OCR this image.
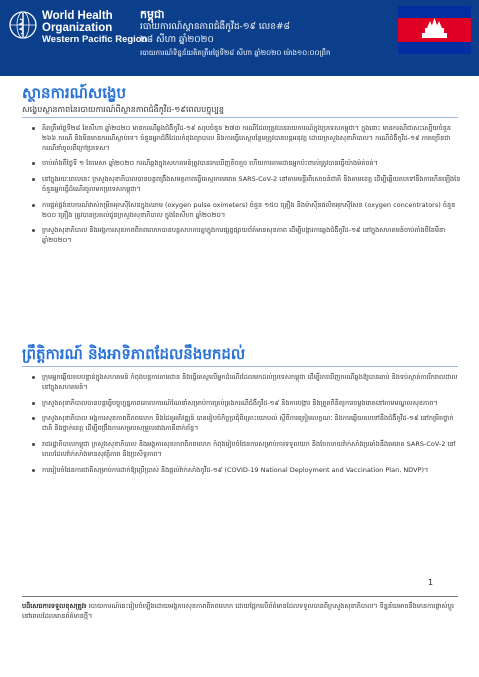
World Health
Organization
Western Pacific Region
កម្ពុជា
របាយការណ៍ស្ថានភាពជំងឺកូវីដ-១៩ លេខ#៨
២៨ សីហា ឆ្នាំ២០២០
របាយការណ៍ទិន្នន័យគិតត្រឹមថ្ងៃទី២៨ សីហា ឆ្នាំ២០២០ ម៉ោង១០:០០ព្រឹក
ស្ថានការណ៍សង្ខេប
សង្ខេបស្ថានភាពនៃរបាយការណ៍ពីស្ថានភាពជំងឺកូវីដ-១៩ពេលបច្ចុប្បន្ន
គិតត្រឹមថ្ងៃទី២៨ ខែសីហា ឆ្នាំ២០២០ មានករណីឆ្លងជំងឺកូវីដ-១៩ សរុបចំនួន ២៧៣ ករណីដែលត្រូវបានរាយការណ៍ក្នុងប្រទេសកម្ពុជា។ ក្នុងនោះ មានករណីជាសះស្បើយចំនួន ២៦៦ ករណី និងមិនមានករណីស្លាប់ទេ។ ចំនួនអ្នកជំងឺដែលកំពុងព្យាបាល និងការធ្វើតេស្តបន្ថែមត្រូវបានបន្តអនុវត្ត ដោយក្រសួងសុខាភិបាល។ ករណីជំងឺកូវីដ-១៩ ភាគច្រើនជាករណីនាំចូលពីក្រៅប្រទេស។
ចាប់តាំងពីថ្ងៃទី ១ ខែមេសា ឆ្នាំ២០២០ ករណីឆ្លងក្នុងសហគមន៍ត្រូវបានរកឃើញតិចតួច ហើយការតាមដានអ្នកប៉ះពាល់ត្រូវបានធ្វើយ៉ាងម៉ត់ចត់។
នៅក្នុងរយៈពេលនេះ ក្រសួងសុខាភិបាលបានបន្តពង្រឹងសមត្ថភាពធ្វើតេស្តរកមេរោគ SARS-CoV-2 នៅតាមមន្ទីរពិសោធន៍ជាតិ និងតាមខេត្ត ដើម្បីឆ្លើយតបទៅនឹងការកើនឡើងនៃចំនួនអ្នកធ្វើដំណើរចូលមកប្រទេសកម្ពុជា។
ការផ្គត់ផ្គង់ឧបករណ៍វាស់កម្រិតអុកស៊ីសែនក្នុងឈាម (oxygen pulse oximeters) ចំនួន ១៥០ គ្រឿង និងម៉ាស៊ីនផលិតអុកស៊ីសែន (oxygen concentrators) ចំនួន ២០០ គ្រឿង ត្រូវបានប្រគល់ជូនក្រសួងសុខាភិបាល ក្នុងខែសីហា ឆ្នាំ២០២០។
ក្រសួងសុខាភិបាល និងអង្គការសុខភាពពិភពលោកបានបន្តសហការគ្នាក្នុងការផ្សព្វផ្សាយព័ត៌មានសុខភាព ដើម្បីបង្ការការឆ្លងជំងឺកូវីដ-១៩ នៅក្នុងសហគមន៍ចាប់តាំងពីខែមីនា ឆ្នាំ២០២០។
ព្រឹត្តិការណ៍ និងអាទិភាពដែលនឹងមកដល់
ក្រុមអ្នកឆ្លើយតបបន្ទាន់ក្នុងសហគមន៍ កំពុងបន្តការតាមដាន និងធ្វើតេស្តលើអ្នកដំណើរដែលមកដល់ប្រទេសកម្ពុជា ដើម្បីរកឃើញករណីឆ្លងឱ្យបានឆាប់ និងទប់ស្កាត់ការរីករាលដាលនៅក្នុងសហគមន៍។
ក្រសួងសុខាភិបាលបានបន្តធ្វើបច្ចុប្បន្នភាពគោលការណ៍ណែនាំសម្រាប់ការគ្រប់គ្រងករណីជំងឺកូវីដ-១៩ និងការបង្ការ និងត្រួតពិនិត្យការចម្លងរោគនៅតាមមណ្ឌលសុខភាព។
ក្រសួងសុខាភិបាល អង្គការសុខភាពពិភពលោក និងដៃគូអភិវឌ្ឍន៍ បានរៀបចំកិច្ចប្រជុំពិគ្រោះយោបល់ ស្តីពីការត្រៀមលក្ខណៈ និងការឆ្លើយតបទៅនឹងជំងឺកូវីដ-១៩ នៅកម្រិតថ្នាក់ជាតិ និងថ្នាក់ខេត្ត ដើម្បីពង្រឹងការសម្របសម្រួលរវាងភាគីពាក់ព័ន្ធ។
រាជរដ្ឋាភិបាលកម្ពុជា ក្រសួងសុខាភិបាល និងអង្គការសុខភាពពិភពលោក កំពុងរៀបចំផែនការសម្រាប់ការទទួលយក និងចែកចាយវ៉ាក់សាំងប្រឆាំងនឹងមេរោគ SARS-CoV-2 នៅពេលដែលវ៉ាក់សាំងមានសុវត្ថិភាព និងប្រសិទ្ធភាព។
ការរៀបចំផែនការជាតិសម្រាប់ការដាក់ឱ្យប្រើប្រាស់ និងផ្តល់វ៉ាក់សាំងកូវីដ-១៩ (COVID-19 National Deployment and Vaccination Plan, NDVP)។
1
បដិសេធការទទួលខុសត្រូវ៖ របាយការណ៍នេះរៀបចំឡើងដោយអង្គការសុខភាពពិភពលោក ដោយផ្អែកលើព័ត៌មានដែលទទួលបានពីក្រសួងសុខាភិបាល។ ទិន្នន័យអាចនឹងមានការផ្លាស់ប្តូរ នៅពេលដែលមានព័ត៌មានថ្មី។
